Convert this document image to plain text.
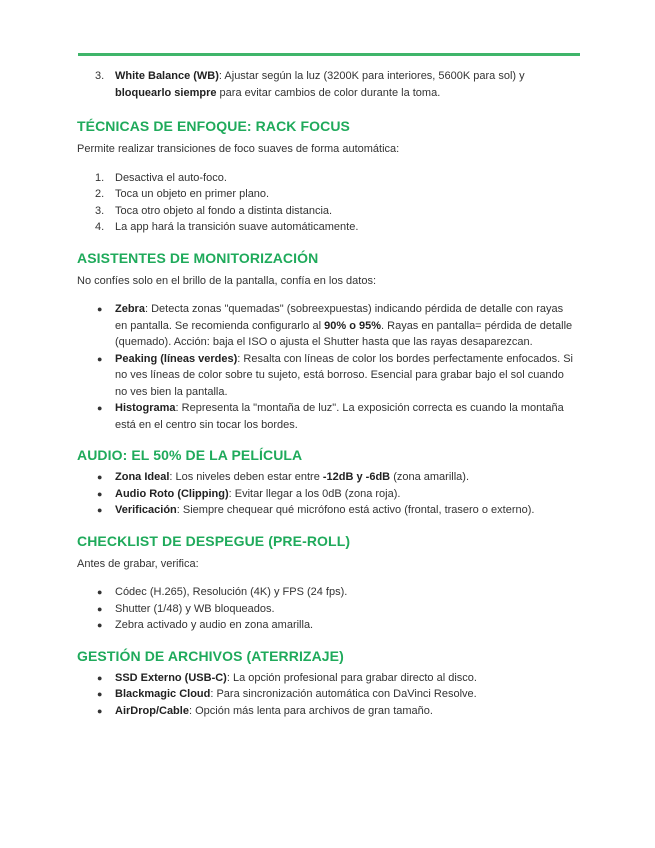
3. White Balance (WB): Ajustar según la luz (3200K para interiores, 5600K para sol) y bloquearlo siempre para evitar cambios de color durante la toma.
TÉCNICAS DE ENFOQUE: RACK FOCUS

Permite realizar transiciones de foco suaves de forma automática:

1. Desactiva el auto-foco.
2. Toca un objeto en primer plano.
3. Toca otro objeto al fondo a distinta distancia.
4. La app hará la transición suave automáticamente.
ASISTENTES DE MONITORIZACIÓN

No confíes solo en el brillo de la pantalla, confía en los datos:

● Zebra: Detecta zonas "quemadas" (sobreexpuestas) indicando pérdida de detalle con rayas en pantalla. Se recomienda configurarlo al 90% o 95%. Rayas en pantalla= pérdida de detalle (quemado). Acción: baja el ISO o ajusta el Shutter hasta que las rayas desaparezcan.
● Peaking (líneas verdes): Resalta con líneas de color los bordes perfectamente enfocados. Si no ves líneas de color sobre tu sujeto, está borroso. Esencial para grabar bajo el sol cuando no ves bien la pantalla.
● Histograma: Representa la "montaña de luz". La exposición correcta es cuando la montaña está en el centro sin tocar los bordes.
AUDIO: EL 50% DE LA PELÍCULA
● Zona Ideal: Los niveles deben estar entre -12dB y -6dB (zona amarilla).
● Audio Roto (Clipping): Evitar llegar a los 0dB (zona roja).
● Verificación: Siempre chequear qué micrófono está activo (frontal, trasero o externo).
CHECKLIST DE DESPEGUE (PRE-ROLL)

Antes de grabar, verifica:

● Códec (H.265), Resolución (4K) y FPS (24 fps).
● Shutter (1/48) y WB bloqueados.
● Zebra activado y audio en zona amarilla.
GESTIÓN DE ARCHIVOS (ATERRIZAJE)
● SSD Externo (USB-C): La opción profesional para grabar directo al disco.
● Blackmagic Cloud: Para sincronización automática con DaVinci Resolve.
● AirDrop/Cable: Opción más lenta para archivos de gran tamaño.
